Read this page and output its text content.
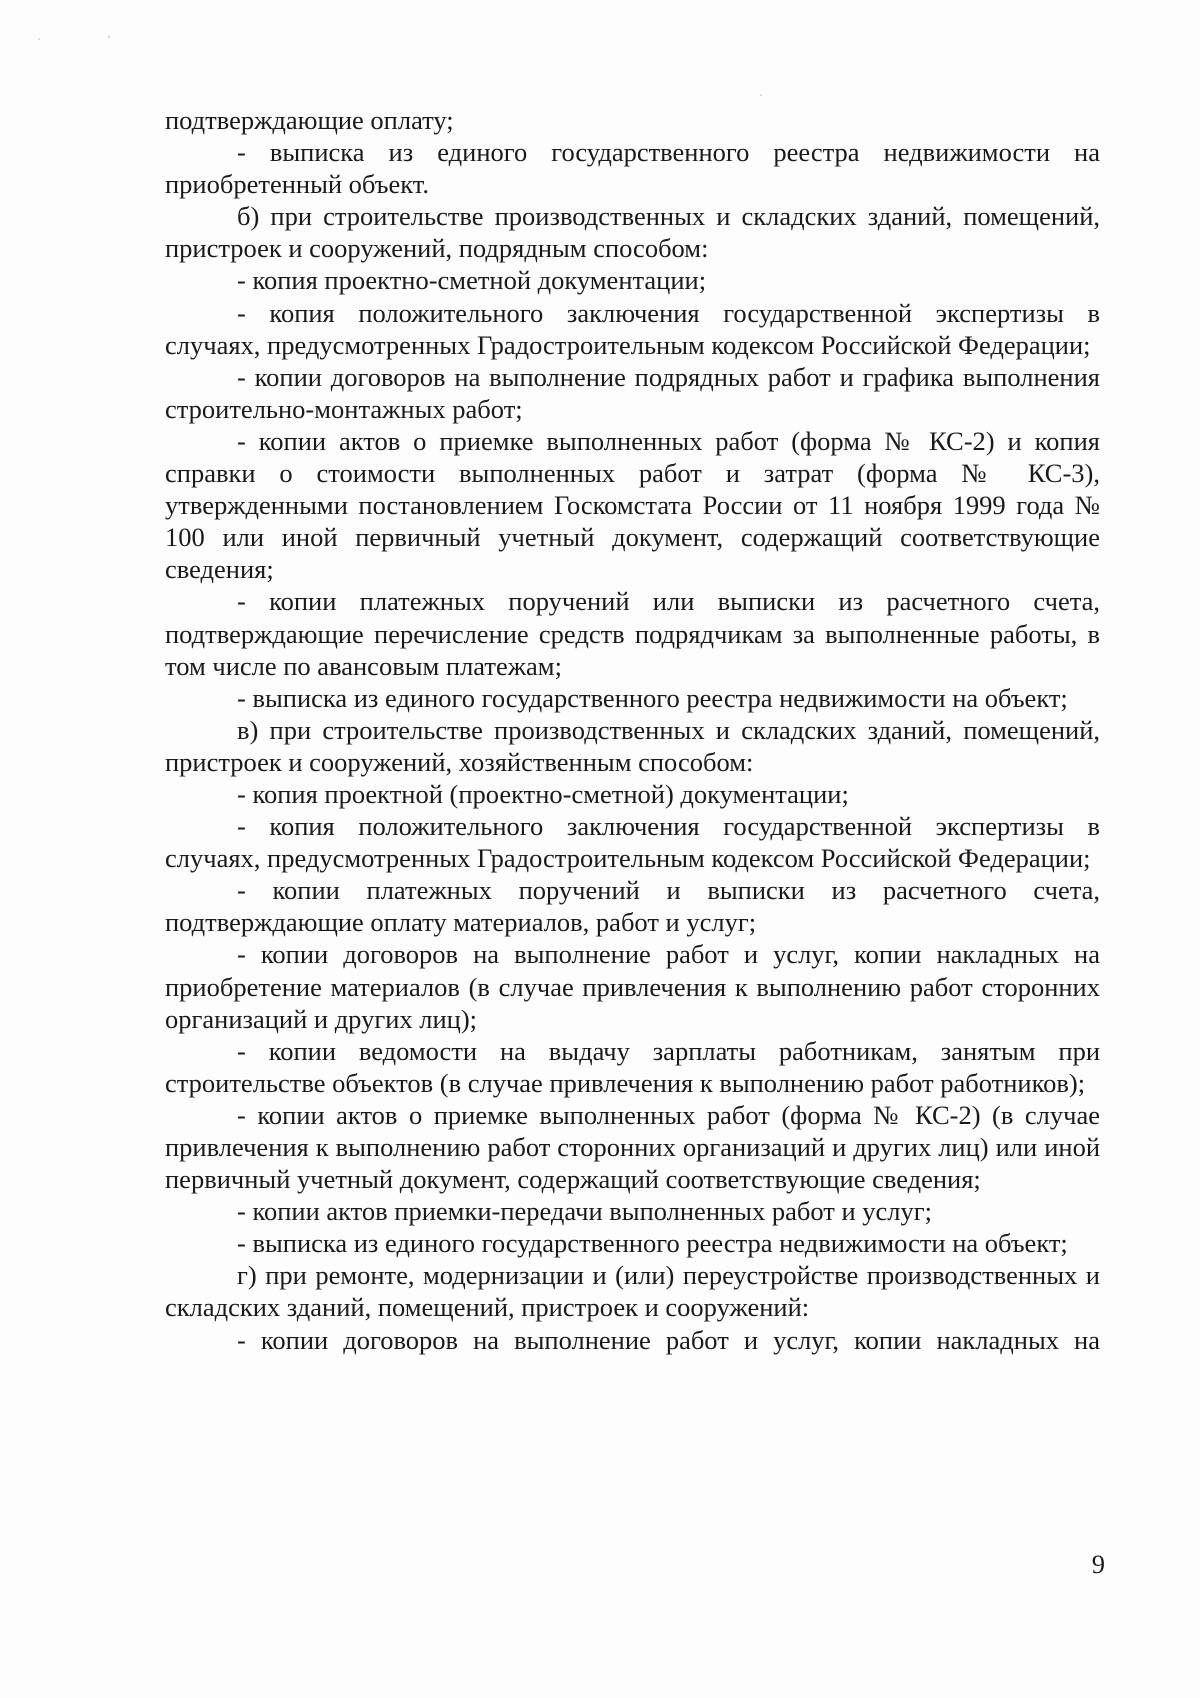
подтверждающие оплату;

- выписка из единого государственного реестра недвижимости на приобретенный объект.

б) при строительстве производственных и складских зданий, помещений, пристроек и сооружений, подрядным способом:

- копия проектно-сметной документации;

- копия положительного заключения государственной экспертизы в случаях, предусмотренных Градостроительным кодексом Российской Федерации;

- копии договоров на выполнение подрядных работ и графика выполнения строительно-монтажных работ;

- копии актов о приемке выполненных работ (форма № КС-2) и копия справки о стоимости выполненных работ и затрат (форма № КС-3), утвержденными постановлением Госкомстата России от 11 ноября 1999 года № 100 или иной первичный учетный документ, содержащий соответствующие сведения;

- копии платежных поручений или выписки из расчетного счета, подтверждающие перечисление средств подрядчикам за выполненные работы, в том числе по авансовым платежам;

- выписка из единого государственного реестра недвижимости на объект;

в) при строительстве производственных и складских зданий, помещений, пристроек и сооружений, хозяйственным способом:

- копия проектной (проектно-сметной) документации;

- копия положительного заключения государственной экспертизы в случаях, предусмотренных Градостроительным кодексом Российской Федерации;

- копии платежных поручений и выписки из расчетного счета, подтверждающие оплату материалов, работ и услуг;

- копии договоров на выполнение работ и услуг, копии накладных на приобретение материалов (в случае привлечения к выполнению работ сторонних организаций и других лиц);

- копии ведомости на выдачу зарплаты работникам, занятым при строительстве объектов (в случае привлечения к выполнению работ работников);

- копии актов о приемке выполненных работ (форма № КС-2) (в случае привлечения к выполнению работ сторонних организаций и других лиц) или иной первичный учетный документ, содержащий соответствующие сведения;

- копии актов приемки-передачи выполненных работ и услуг;

- выписка из единого государственного реестра недвижимости на объект;

г) при ремонте, модернизации и (или) переустройстве производственных и складских зданий, помещений, пристроек и сооружений:

- копии договоров на выполнение работ и услуг, копии накладных на

9
